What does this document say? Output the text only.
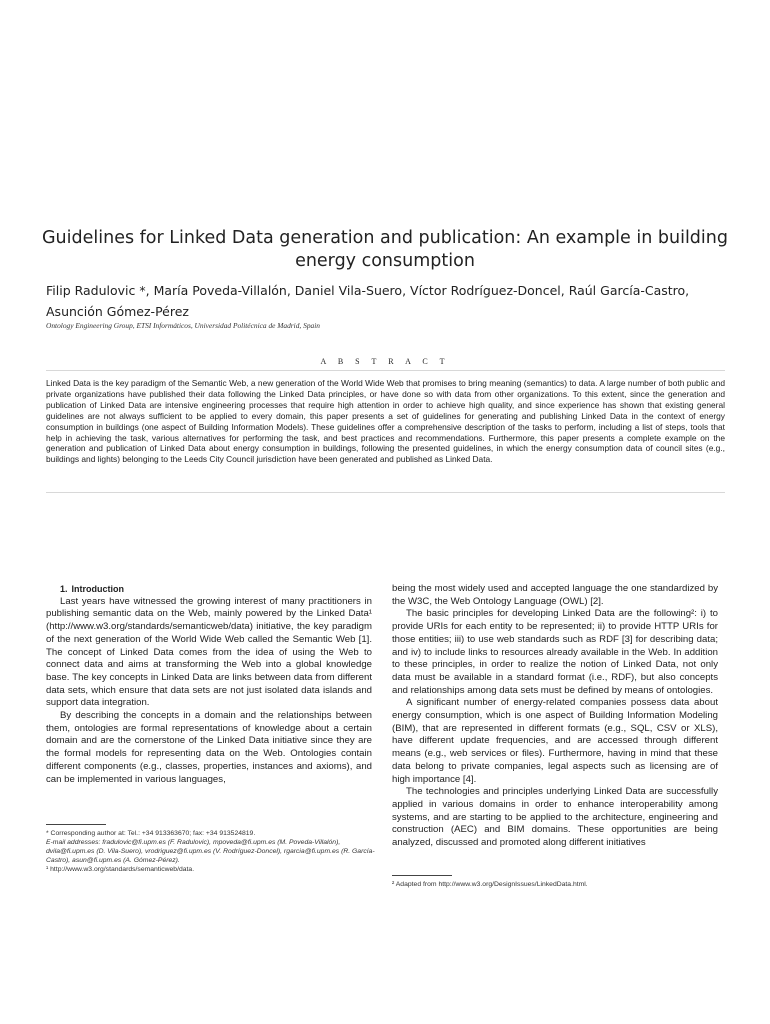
Guidelines for Linked Data generation and publication: An example in building energy consumption
Filip Radulovic *, María Poveda-Villalón, Daniel Vila-Suero, Víctor Rodríguez-Doncel, Raúl García-Castro, Asunción Gómez-Pérez
Ontology Engineering Group, ETSI Informáticos, Universidad Politécnica de Madrid, Spain
A B S T R A C T

Linked Data is the key paradigm of the Semantic Web, a new generation of the World Wide Web that promises to bring meaning (semantics) to data. A large number of both public and private organizations have published their data following the Linked Data principles, or have done so with data from other organizations. To this extent, since the generation and publication of Linked Data are intensive engineering processes that require high attention in order to achieve high quality, and since experience has shown that existing general guidelines are not always sufficient to be applied to every domain, this paper presents a set of guidelines for generating and publishing Linked Data in the context of energy consumption in buildings (one aspect of Building Information Models). These guidelines offer a comprehensive description of the tasks to perform, including a list of steps, tools that help in achieving the task, various alternatives for performing the task, and best practices and recommendations. Furthermore, this paper presents a complete example on the generation and publication of Linked Data about energy consumption in buildings, following the presented guidelines, in which the energy consumption data of council sites (e.g., buildings and lights) belonging to the Leeds City Council jurisdiction have been generated and published as Linked Data.

1. Introduction

Last years have witnessed the growing interest of many practitioners in publishing semantic data on the Web, mainly powered by the Linked Data¹ (http://www.w3.org/standards/semanticweb/data) initiative, the key paradigm of the next generation of the World Wide Web called the Semantic Web [1]. The concept of Linked Data comes from the idea of using the Web to connect data and aims at transforming the Web into a global knowledge base. The key concepts in Linked Data are links between data from different data sets, which ensure that data sets are not just isolated data islands and support data integration.

By describing the concepts in a domain and the relationships between them, ontologies are formal representations of knowledge about a certain domain and are the cornerstone of the Linked Data initiative since they are the formal models for representing data on the Web. Ontologies contain different components (e.g., classes, properties, instances and axioms), and can be implemented in various languages,

being the most widely used and accepted language the one standardized by the W3C, the Web Ontology Language (OWL) [2].

The basic principles for developing Linked Data are the following²: i) to provide URIs for each entity to be represented; ii) to provide HTTP URIs for those entities; iii) to use web standards such as RDF [3] for describing data; and iv) to include links to resources already available in the Web. In addition to these principles, in order to realize the notion of Linked Data, not only data must be available in a standard format (i.e., RDF), but also concepts and relationships among data sets must be defined by means of ontologies.

A significant number of energy-related companies possess data about energy consumption, which is one aspect of Building Information Modeling (BIM), that are represented in different formats (e.g., SQL, CSV or XLS), have different update frequencies, and are accessed through different means (e.g., web services or files). Furthermore, having in mind that these data belong to private companies, legal aspects such as licensing are of high importance [4].

The technologies and principles underlying Linked Data are successfully applied in various domains in order to enhance interoperability among systems, and are starting to be applied to the architecture, engineering and construction (AEC) and BIM domains. These opportunities are being analyzed, discussed and promoted along different initiatives

* Corresponding author at: Tel.: +34 913363670; fax: +34 913524819.

E-mail addresses: fradulovic@fi.upm.es (F. Radulovic), mpoveda@fi.upm.es (M. Poveda-Villalón), dvila@fi.upm.es (D. Vila-Suero), vrodriguez@fi.upm.es (V. Rodríguez-Doncel), rgarcia@fi.upm.es (R. García-Castro), asun@fi.upm.es (A. Gómez-Pérez).

¹ http://www.w3.org/standards/semanticweb/data.

² Adapted from http://www.w3.org/DesignIssues/LinkedData.html.
